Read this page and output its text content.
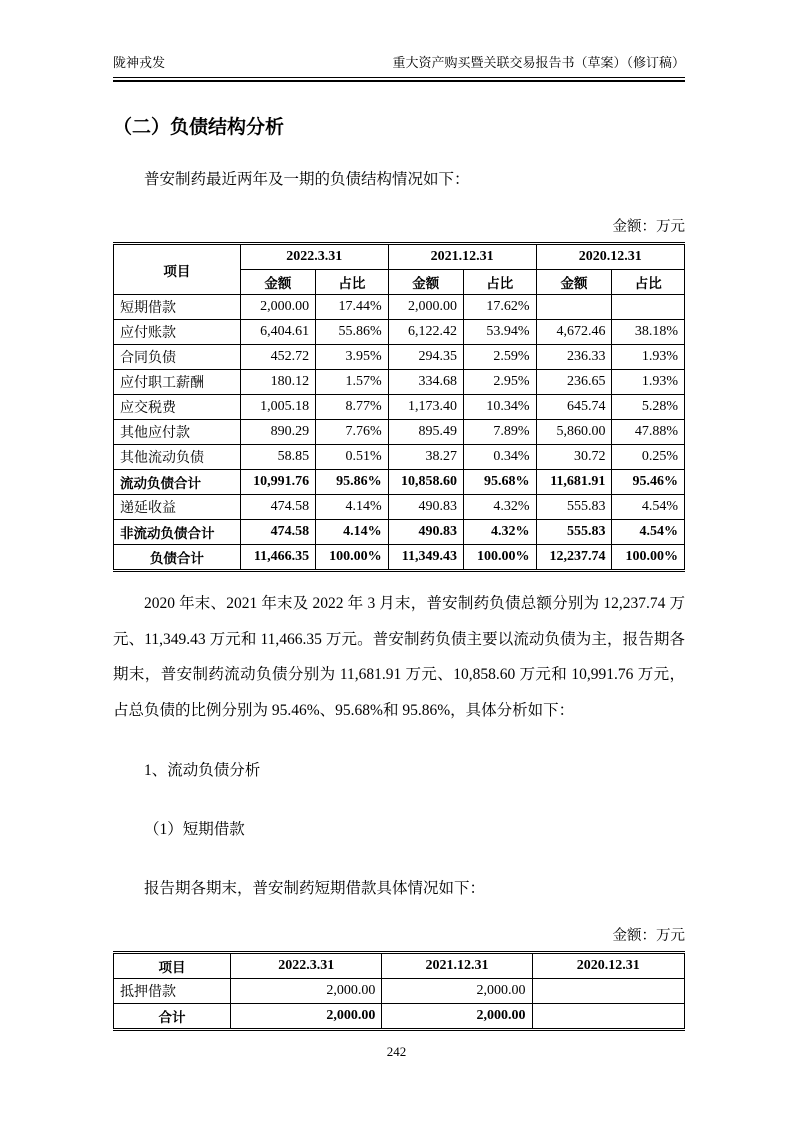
陇神戎发	重大资产购买暨关联交易报告书（草案）（修订稿）
（二）负债结构分析

普安制药最近两年及一期的负债结构情况如下：

金额：万元
项目	2022.3.31		2021.12.31		2020.12.31	
	金额	占比	金额	占比	金额	占比
短期借款	2,000.00	17.44%	2,000.00	17.62%		
应付账款	6,404.61	55.86%	6,122.42	53.94%	4,672.46	38.18%
合同负债	452.72	3.95%	294.35	2.59%	236.33	1.93%
应付职工薪酬	180.12	1.57%	334.68	2.95%	236.65	1.93%
应交税费	1,005.18	8.77%	1,173.40	10.34%	645.74	5.28%
其他应付款	890.29	7.76%	895.49	7.89%	5,860.00	47.88%
其他流动负债	58.85	0.51%	38.27	0.34%	30.72	0.25%
流动负债合计	10,991.76	95.86%	10,858.60	95.68%	11,681.91	95.46%
递延收益	474.58	4.14%	490.83	4.32%	555.83	4.54%
非流动负债合计	474.58	4.14%	490.83	4.32%	555.83	4.54%
负债合计	11,466.35	100.00%	11,349.43	100.00%	12,237.74	100.00%

2020 年末、2021 年末及 2022 年 3 月末，普安制药负债总额分别为 12,237.74 万元、11,349.43 万元和 11,466.35 万元。普安制药负债主要以流动负债为主，报告期各期末，普安制药流动负债分别为 11,681.91 万元、10,858.60 万元和 10,991.76 万元，占总负债的比例分别为 95.46%、95.68%和 95.86%，具体分析如下：

1、流动负债分析

（1）短期借款

报告期各期末，普安制药短期借款具体情况如下：

金额：万元
项目	2022.3.31	2021.12.31	2020.12.31
抵押借款	2,000.00	2,000.00	
合计	2,000.00	2,000.00	
242
